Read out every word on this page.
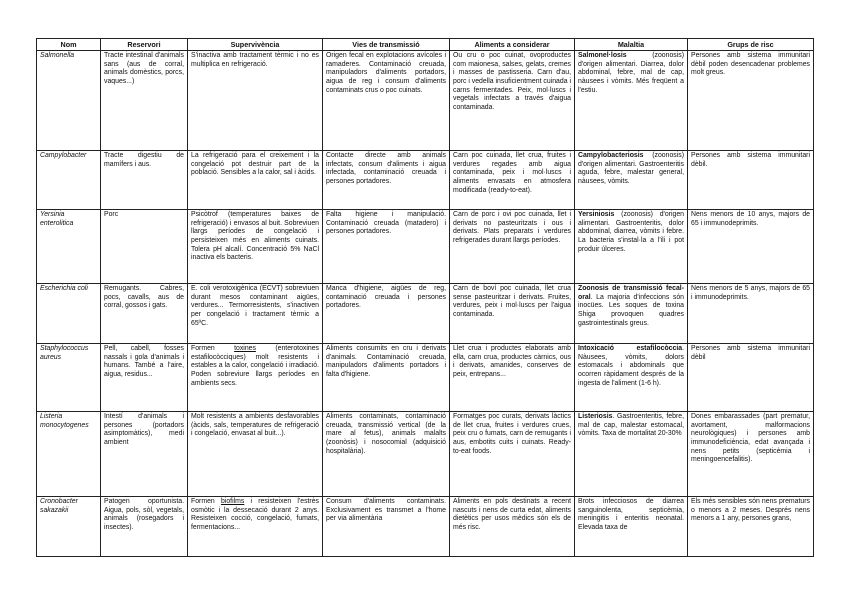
Nom	Reservori	Supervivència	Vies de transmissió	Aliments a considerar	Malaltia	Grups de risc
Salmonella	Tracte intestinal d'animals sans (aus de corral, animals domèstics, porcs, vaques...)	S'inactiva amb tractament tèrmic i no es multiplica en refrigeració.	Origen fecal en explotacions avícoles i ramaderes. Contaminació creuada, manipuladors d'aliments portadors, aigua de reg i consum d'aliments contaminats crus o poc cuinats.	Ou cru o poc cuinat, ovoproductes com maionesa, salses, gelats, cremes i masses de pastisseria. Carn d'au, porc i vedella insuficientment cuinada i carns fermentades. Peix, mol·luscs i vegetals infectats a través d'aigua contaminada.	Salmonel·losis (zoonosis) d'origen alimentari. Diarrea, dolor abdominal, febre, mal de cap, nàusees i vòmits. Més freqüent a l'estiu.	Persones amb sistema immunitari dèbil poden desencadenar problemes molt greus.
Campylobacter	Tracte digestiu de mamífers i aus.	La refrigeració para el creixement i la congelació pot destruir part de la població. Sensibles a la calor, sal i àcids.	Contacte directe amb animals infectats, consum d'aliments i aigua infectada, contaminació creuada i persones portadores.	Carn poc cuinada, llet crua, fruites i verdures regades amb aigua contaminada, peix i mol·luscs i aliments envasats en atmosfera modificada (ready-to-eat).	Campylobacteriosis (zoonosis) d'origen alimentari. Gastroenteritis aguda, febre, malestar general, nàusees, vòmits.	Persones amb sistema immunitari dèbil.
Yersinia enterolitica	Porc	Psicòtrof (temperatures baixes de refrigeració) i envasos al buit. Sobreviuen llargs períodes de congelació i persisteixen més en aliments cuinats. Tolera pH alcalí. Concentració 5% NaCl inactiva els bacteris.	Falta higiene i manipulació. Contaminació creuada (matadero) i persones portadores.	Carn de porc i ovi poc cuinada, llet i derivats no pasteuritzats i ous i derivats. Plats preparats i verdures refrigerades durant llargs períodes.	Yersiniosis (zoonosis) d'origen alimentari. Gastroenteritis, dolor abdominal, diarrea, vòmits i febre. La bacteria s'instal·la a l'ili i pot produir úlceres.	Nens menors de 10 anys, majors de 65 i immunodeprimits.
Escherichia coli	Remugants. Cabres, pocs, cavalls, aus de corral, gossos i gats.	E. coli verotoxigènica (ECVT) sobreviuen durant mesos contaminant aigües, verdures... Termorresistents, s'inactiven per congelació i tractament tèrmic a 65ºC.	Manca d'higiene, aigües de reg, contaminació creuada i persones portadores.	Carn de boví poc cuinada, llet crua sense pasteuritzar i derivats. Fruites, verdures, peix i mol·luscs per l'aigua contaminada.	Zoonosis de transmissió fecal-oral. La majoria d'infeccions són inocües. Les soques de toxina Shiga provoquen quadres gastrointestinals greus.	Nens menors de 5 anys, majors de 65 i immunodeprimits.
Staphylococcus aureus	Pell, cabell, fosses nassals i gola d'animals i humans. També a l'aire, aigua, residus...	Formen toxines (enterotoxines estafilocòcciques) molt resistents i estables a la calor, congelació i irradiació. Poden sobreviure llargs períodes en ambients secs.	Aliments consumits en cru i derivats d'animals. Contaminació creuada, manipuladors d'aliments portadors i falta d'higiene.	Llet crua i productes elaborats amb ella, carn crua, productes càrnics, ous i derivats, amanides, conserves de peix, entrepans...	Intoxicació estafilocòccia. Nàusees, vòmits, dolors estomacals i abdominals que ocorren ràpidament després de la ingesta de l'aliment (1-6 h).	Persones amb sistema immunitari dèbil
Listeria monocytogenes	Intestí d'animals i persones (portadors asimptomàtics), medi ambient	Molt resistents a ambients desfavorables (àcids, sals, temperatures de refrigeració i congelació, envasat al buit...).	Aliments contaminats, contaminació creuada, transmissió vertical (de la mare al fetus), animals malalts (zoonòsis) i nosocomial (adquisició hospitalària).	Formatges poc curats, derivats làctics de llet crua, fruites i verdures crues, peix cru o fumats, carn de remugants i aus, embotits cuits i cuinats. Ready-to-eat foods.	Listeriosis. Gastroenteritis, febre, mal de cap, malestar estomacal, vòmits. Taxa de mortalitat 20-30%	Dones embarassades (part prematur, avortament, malformacions neurològiques) i persones amb immunodeficiència, edat avançada i nens petits (septicèmia i meningoencefalitis).
Cronobacter sakazakii	Patogen oportunista. Aigua, pols, sòl, vegetals, animals (rosegadors i insectes).	Formen biofilms i resisteixen l'estrès osmòtic i la dessecació durant 2 anys. Resisteixen cocció, congelació, fumats, fermentacions...	Consum d'aliments contaminats. Exclusivament es transmet a l'home per via alimentària	Aliments en pols destinats a recent nascuts i nens de curta edat, aliments dietètics per usos mèdics són els de més risc.	Brots infecciosos de diarrea sanguinolenta, septicèmia, meningitis i enteritis neonatal. Elevada taxa de	Els més sensibles són nens prematurs o menors a 2 meses. Després nens menors a 1 any, persones grans,
